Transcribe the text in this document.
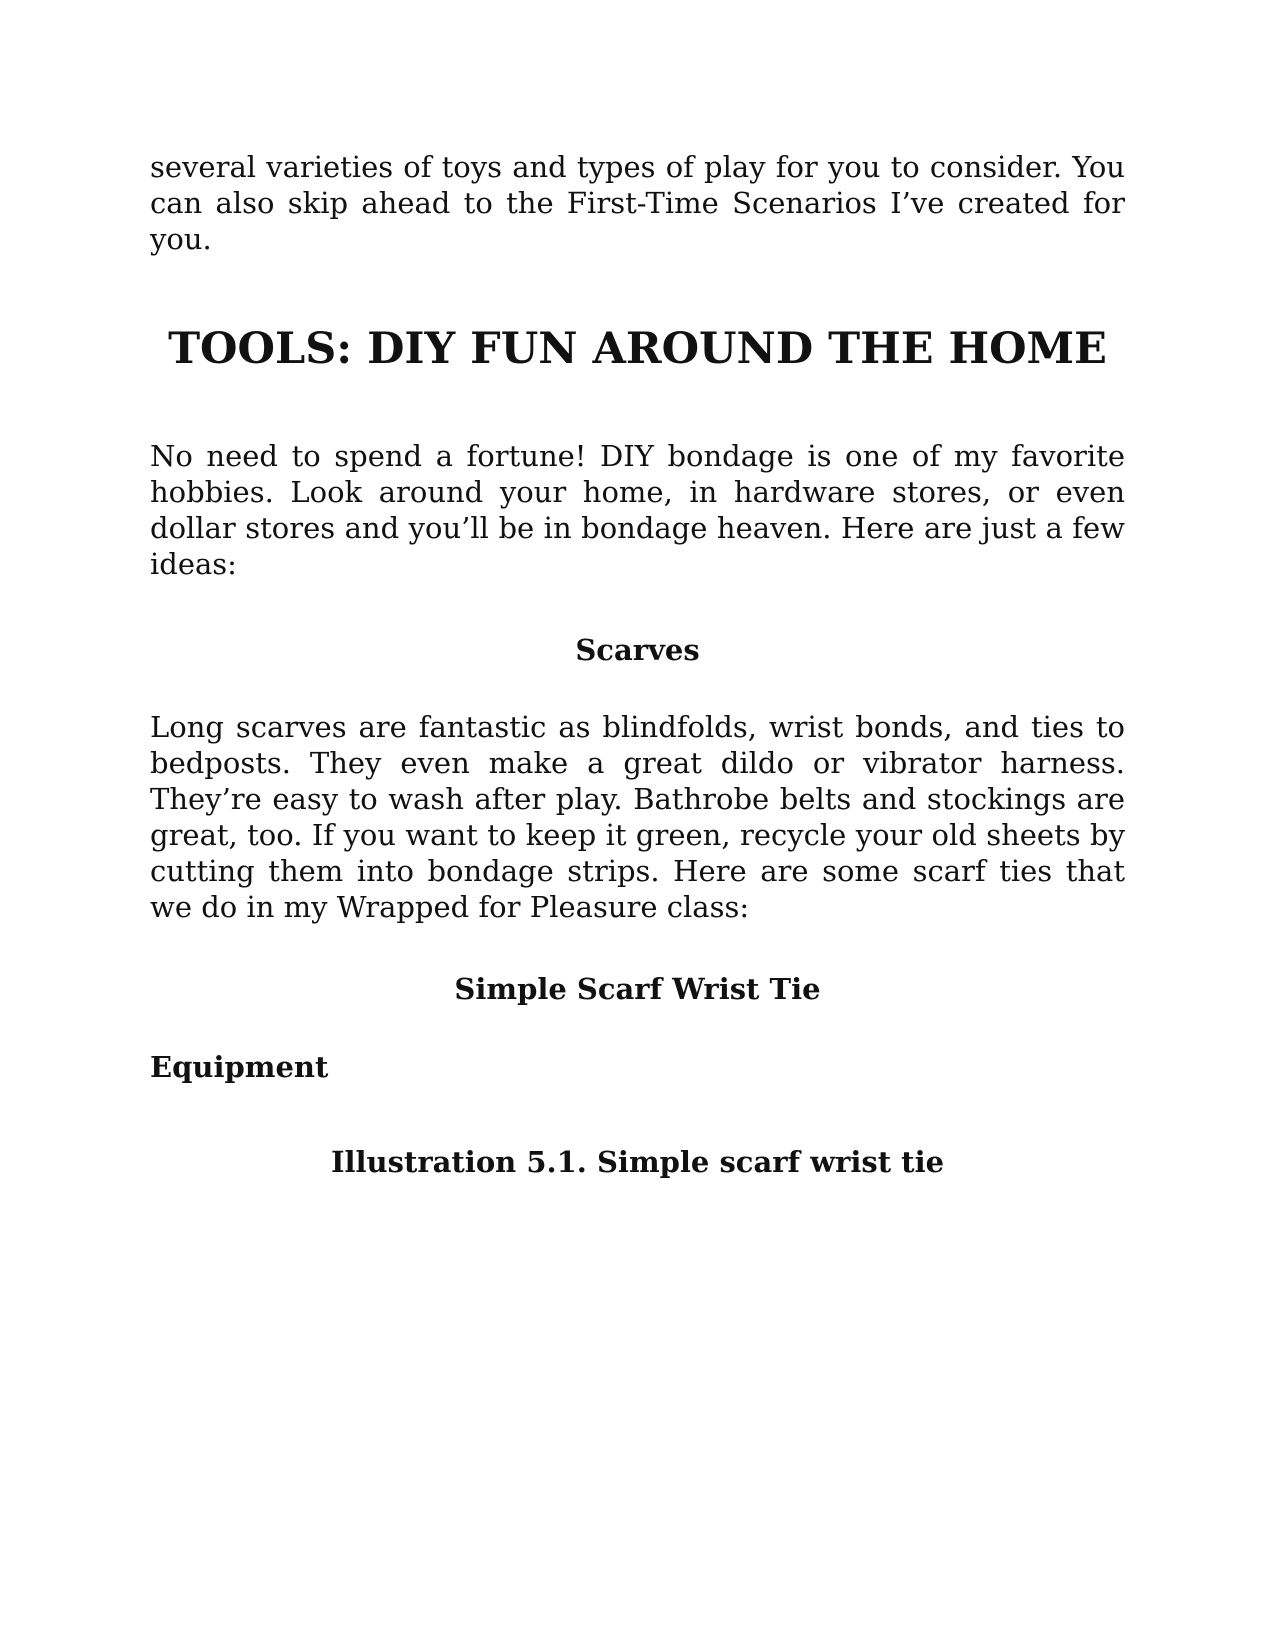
several varieties of toys and types of play for you to consider. You can also skip ahead to the First-Time Scenarios I’ve created for you.

TOOLS: DIY FUN AROUND THE HOME

No need to spend a fortune! DIY bondage is one of my favorite hobbies. Look around your home, in hardware stores, or even dollar stores and you’ll be in bondage heaven. Here are just a few ideas:

Scarves

Long scarves are fantastic as blindfolds, wrist bonds, and ties to bedposts. They even make a great dildo or vibrator harness. They’re easy to wash after play. Bathrobe belts and stockings are great, too. If you want to keep it green, recycle your old sheets by cutting them into bondage strips. Here are some scarf ties that we do in my Wrapped for Pleasure class:

Simple Scarf Wrist Tie
Equipment
Illustration 5.1. Simple scarf wrist tie
